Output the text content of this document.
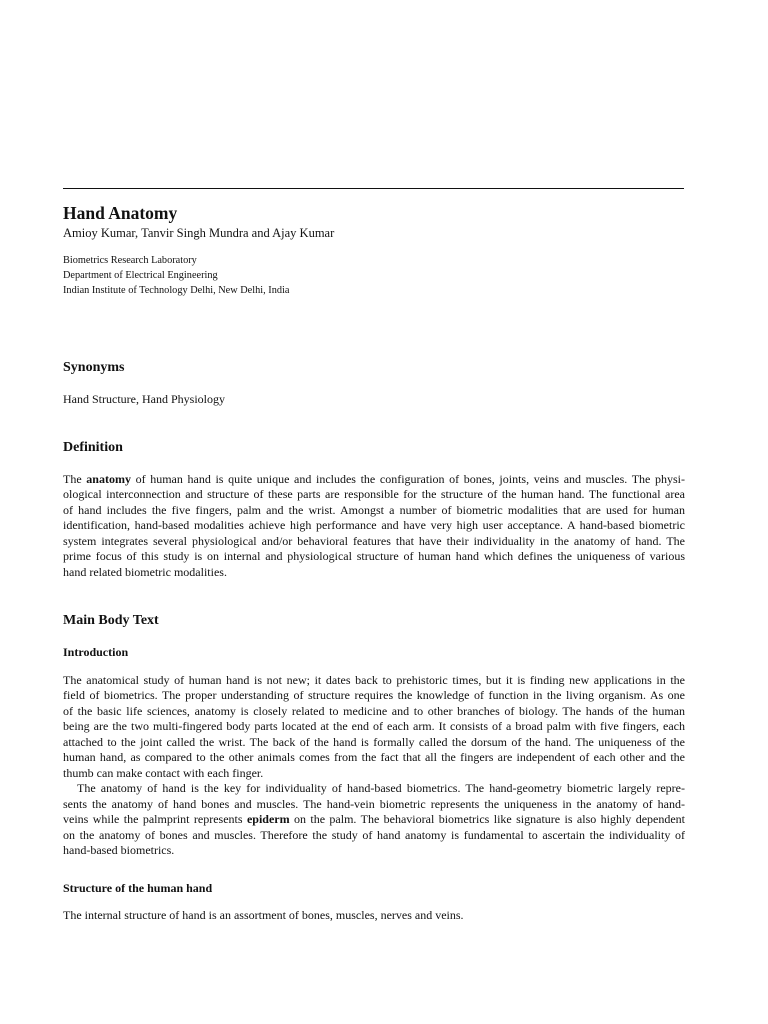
Hand Anatomy
Amioy Kumar, Tanvir Singh Mundra and Ajay Kumar
Biometrics Research Laboratory
Department of Electrical Engineering
Indian Institute of Technology Delhi, New Delhi, India
Synonyms
Hand Structure, Hand Physiology
Definition
The anatomy of human hand is quite unique and includes the configuration of bones, joints, veins and muscles. The physi-
ological interconnection and structure of these parts are responsible for the structure of the human hand. The functional area
of hand includes the five fingers, palm and the wrist. Amongst a number of biometric modalities that are used for human
identification, hand-based modalities achieve high performance and have very high user acceptance. A hand-based biometric
system integrates several physiological and/or behavioral features that have their individuality in the anatomy of hand. The
prime focus of this study is on internal and physiological structure of human hand which defines the uniqueness of various
hand related biometric modalities.
Main Body Text
Introduction
The anatomical study of human hand is not new; it dates back to prehistoric times, but it is finding new applications in the
field of biometrics. The proper understanding of structure requires the knowledge of function in the living organism. As one
of the basic life sciences, anatomy is closely related to medicine and to other branches of biology. The hands of the human
being are the two multi-fingered body parts located at the end of each arm. It consists of a broad palm with five fingers, each
attached to the joint called the wrist. The back of the hand is formally called the dorsum of the hand. The uniqueness of the
human hand, as compared to the other animals comes from the fact that all the fingers are independent of each other and the
thumb can make contact with each finger.
The anatomy of hand is the key for individuality of hand-based biometrics. The hand-geometry biometric largely repre-
sents the anatomy of hand bones and muscles. The hand-vein biometric represents the uniqueness in the anatomy of hand-
veins while the palmprint represents epiderm on the palm. The behavioral biometrics like signature is also highly dependent
on the anatomy of bones and muscles. Therefore the study of hand anatomy is fundamental to ascertain the individuality of
hand-based biometrics.
Structure of the human hand
The internal structure of hand is an assortment of bones, muscles, nerves and veins.
